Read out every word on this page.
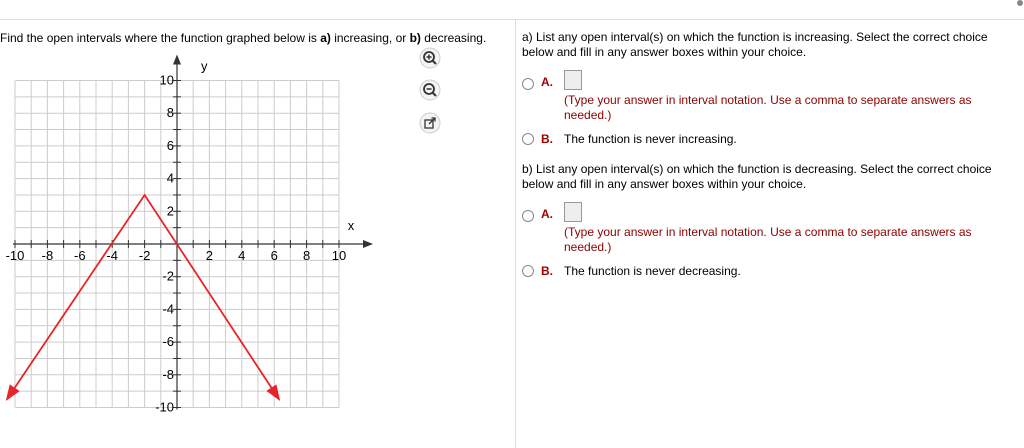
Find the open intervals where the function graphed below is a) increasing, or b) decreasing.
x
y
-10 -8 -6 -4 -2	2 4 6 8 10
10
8
6
4
2
-2
-4
-6
-8
-10

a) List any open interval(s) on which the function is increasing. Select the correct choice below and fill in any answer boxes within your choice.

A.
(Type your answer in interval notation. Use a comma to separate answers as needed.)
B. The function is never increasing.

b) List any open interval(s) on which the function is decreasing. Select the correct choice below and fill in any answer boxes within your choice.

A.
(Type your answer in interval notation. Use a comma to separate answers as needed.)
B. The function is never decreasing.
